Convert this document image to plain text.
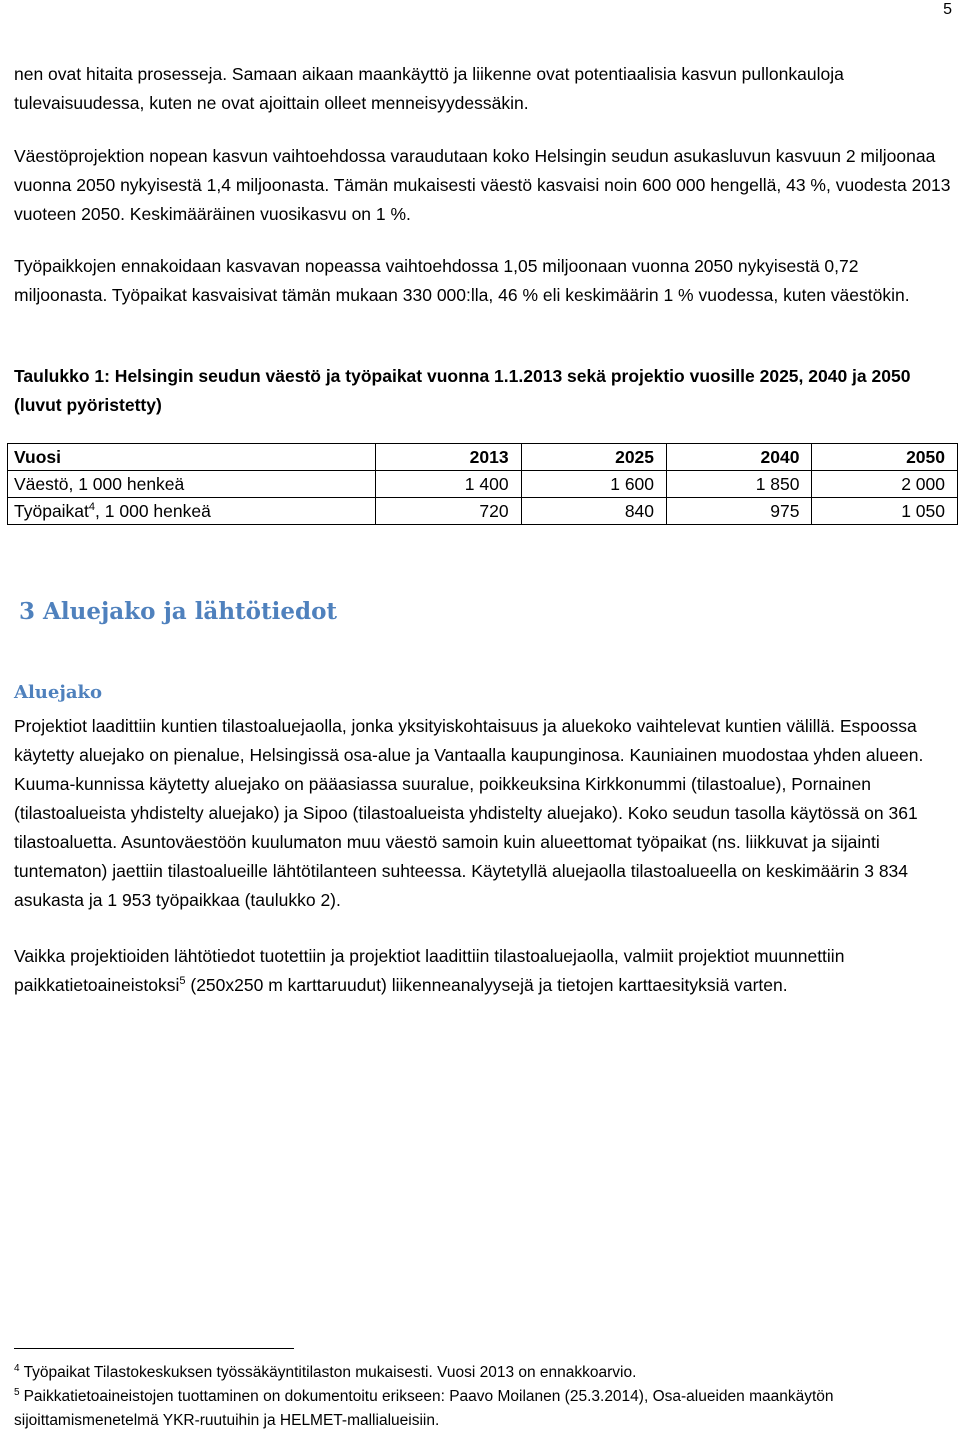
5

nen ovat hitaita prosesseja. Samaan aikaan maankäyttö ja liikenne ovat potentiaalisia kasvun pullonkauloja tulevaisuudessa, kuten ne ovat ajoittain olleet menneisyydessäkin.

Väestöprojektion nopean kasvun vaihtoehdossa varaudutaan koko Helsingin seudun asukasluvun kasvuun 2 miljoonaa vuonna 2050 nykyisestä 1,4 miljoonasta. Tämän mukaisesti väestö kasvaisi noin 600 000 hengellä, 43 %, vuodesta 2013 vuoteen 2050. Keskimääräinen vuosikasvu on 1 %.

Työpaikkojen ennakoidaan kasvavan nopeassa vaihtoehdossa 1,05 miljoonaan vuonna 2050 nykyisestä 0,72 miljoonasta. Työpaikat kasvaisivat tämän mukaan 330 000:lla, 46 % eli keskimäärin 1 % vuodessa, kuten väestökin.

Taulukko 1: Helsingin seudun väestö ja työpaikat vuonna 1.1.2013 sekä projektio vuosille 2025, 2040 ja 2050 (luvut pyöristetty)

Vuosi	2013	2025	2040	2050
Väestö, 1 000 henkeä	1 400	1 600	1 850	2 000
Työpaikat$^4$, 1 000 henkeä	720	840	975	1 050
3 Aluejako ja lähtötiedot
Aluejako

Projektiot laadittiin kuntien tilastoaluejaolla, jonka yksityiskohtaisuus ja aluekoko vaihtelevat kuntien välillä. Espoossa käytetty aluejako on pienalue, Helsingissä osa-alue ja Vantaalla kaupunginosa. Kauniainen muodostaa yhden alueen. Kuuma-kunnissa käytetty aluejako on pääasiassa suuralue, poikkeuksina Kirkkonummi (tilastoalue), Pornainen (tilastoalueista yhdistelty aluejako) ja Sipoo (tilastoalueista yhdistelty aluejako). Koko seudun tasolla käytössä on 361 tilastoaluetta. Asuntoväestöön kuulumaton muu väestö samoin kuin alueettomat työpaikat (ns. liikkuvat ja sijainti tuntematon) jaettiin tilastoalueille lähtötilanteen suhteessa. Käytetyllä aluejaolla tilastoalueella on keskimäärin 3 834 asukasta ja 1 953 työpaikkaa (taulukko 2).

Vaikka projektioiden lähtötiedot tuotettiin ja projektiot laadittiin tilastoaluejaolla, valmiit projektiot muunnettiin paikkatietoaineistoksi$^5$ (250x250 m karttaruudut) liikenneanalyysejä ja tietojen karttaesityksiä varten.

$^4$ Työpaikat Tilastokeskuksen työssäkäyntitilaston mukaisesti. Vuosi 2013 on ennakkoarvio.

$^5$ Paikkatietoaineistojen tuottaminen on dokumentoitu erikseen: Paavo Moilanen (25.3.2014), Osa-alueiden maankäytön sijoittamismenetelmä YKR-ruutuihin ja HELMET-mallialueisiin.
